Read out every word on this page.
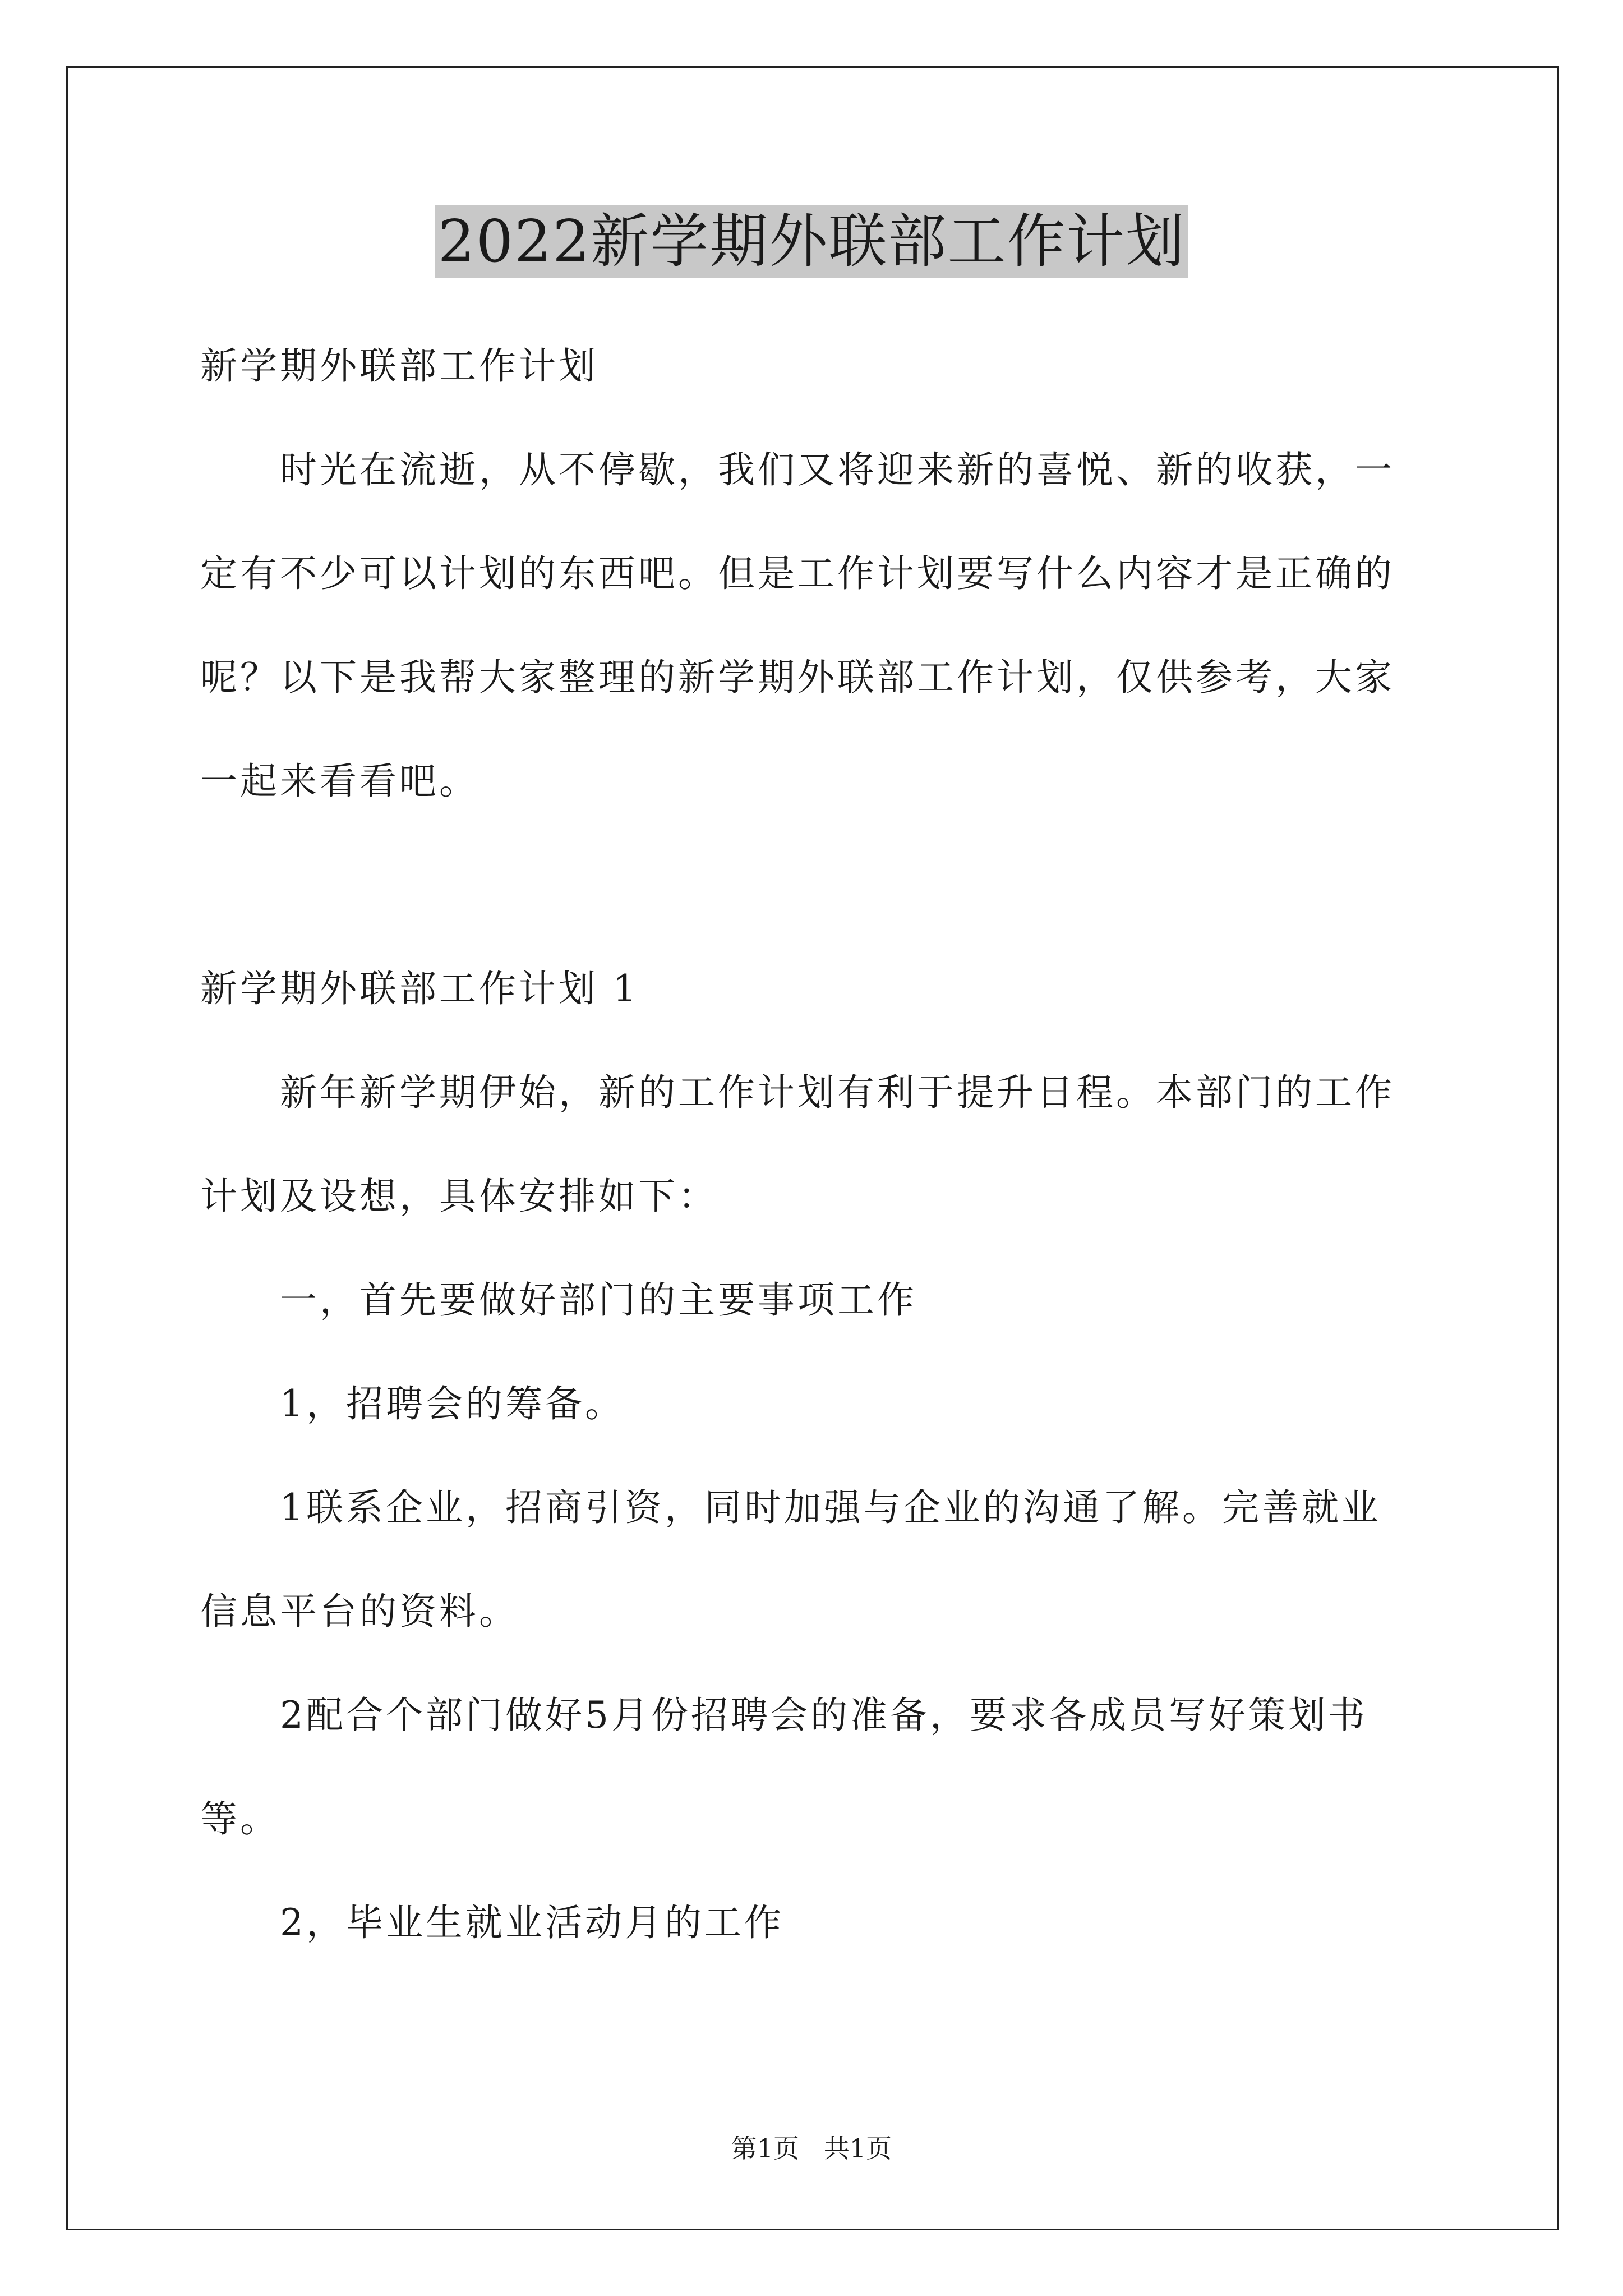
2022新学期外联部工作计划

新学期外联部工作计划

时光在流逝，从不停歇，我们又将迎来新的喜悦、新的收获，一

定有不少可以计划的东西吧。但是工作计划要写什么内容才是正确的

呢？以下是我帮大家整理的新学期外联部工作计划，仅供参考，大家

一起来看看吧。

新学期外联部工作计划 1

新年新学期伊始，新的工作计划有利于提升日程。本部门的工作

计划及设想，具体安排如下：

一，首先要做好部门的主要事项工作

1，招聘会的筹备。

1联系企业，招商引资，同时加强与企业的沟通了解。完善就业

信息平台的资料。

2配合个部门做好5月份招聘会的准备，要求各成员写好策划书

等。

2，毕业生就业活动月的工作

第1页   共1页
